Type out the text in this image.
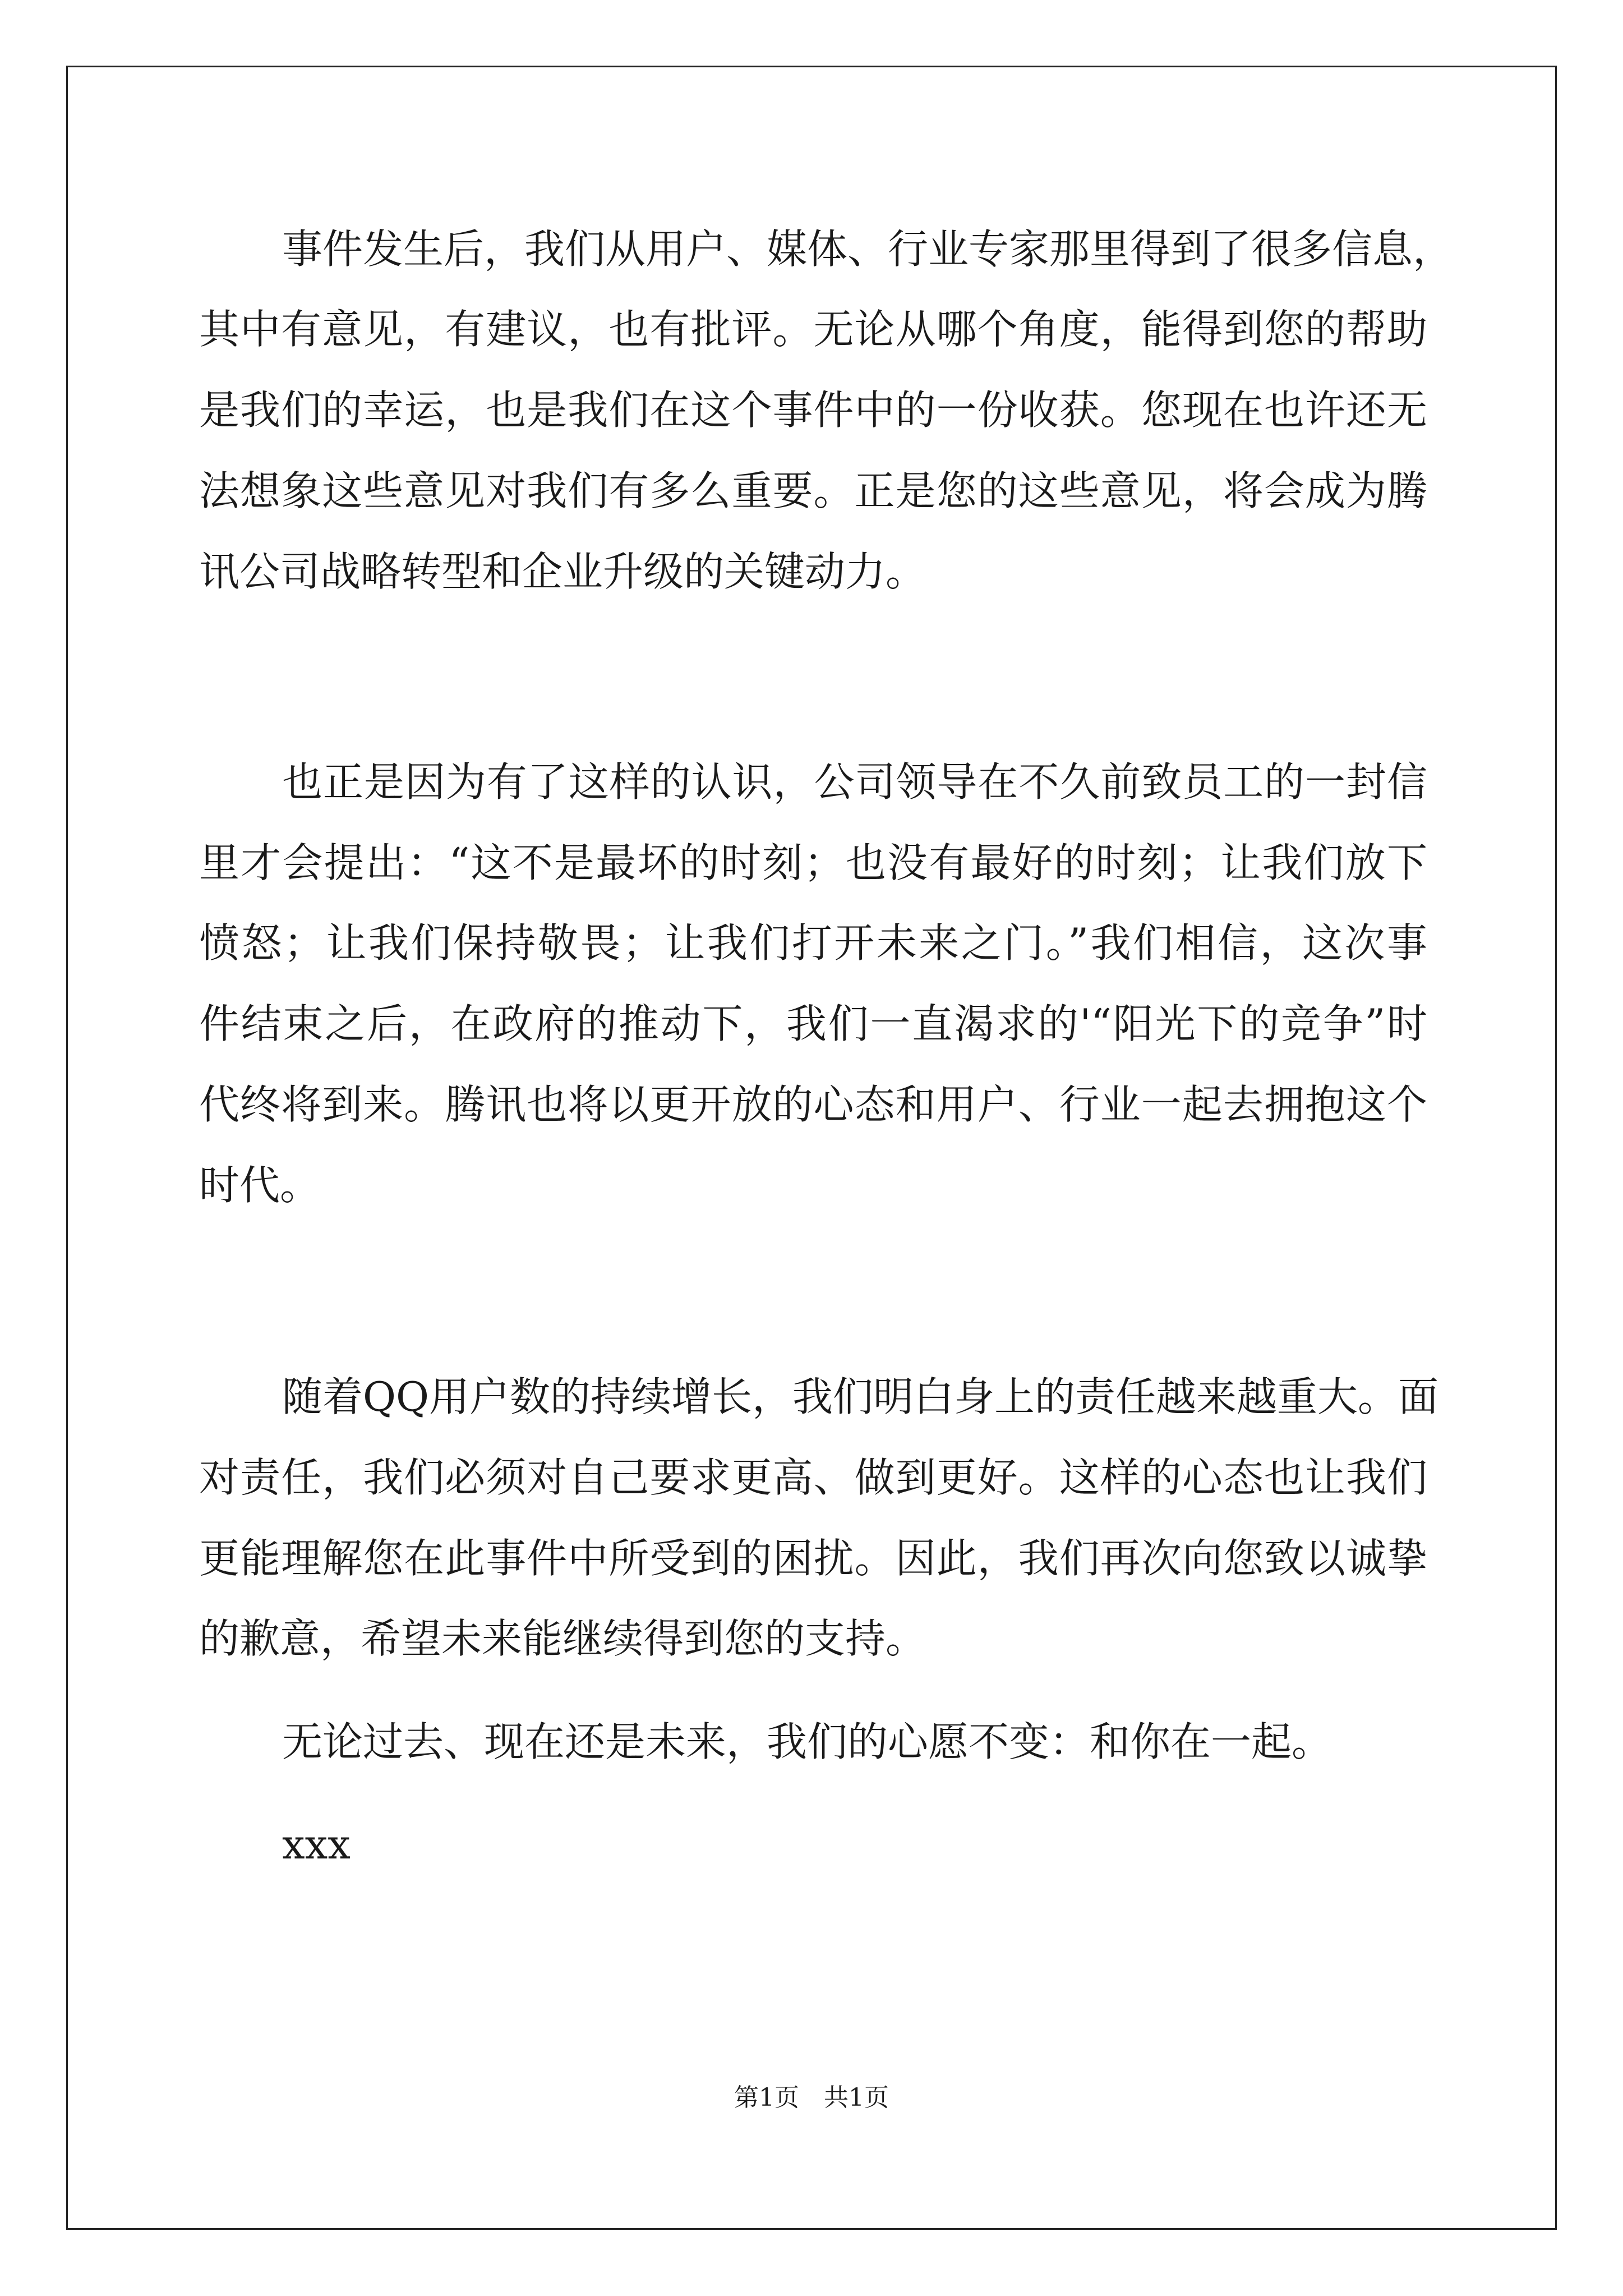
事件发生后，我们从用户、媒体、行业专家那里得到了很多信息，
其中有意见，有建议，也有批评。无论从哪个角度，能得到您的帮助
是我们的幸运，也是我们在这个事件中的一份收获。您现在也许还无
法想象这些意见对我们有多么重要。正是您的这些意见，将会成为腾
讯公司战略转型和企业升级的关键动力。
也正是因为有了这样的认识，公司领导在不久前致员工的一封信
里才会提出：“这不是最坏的时刻；也没有最好的时刻；让我们放下
愤怒；让我们保持敬畏；让我们打开未来之门。”我们相信，这次事
件结束之后，在政府的推动下，我们一直渴求的'“阳光下的竞争”时
代终将到来。腾讯也将以更开放的心态和用户、行业一起去拥抱这个
时代。
随着QQ用户数的持续增长，我们明白身上的责任越来越重大。面
对责任，我们必须对自己要求更高、做到更好。这样的心态也让我们
更能理解您在此事件中所受到的困扰。因此，我们再次向您致以诚挚
的歉意，希望未来能继续得到您的支持。
无论过去、现在还是未来，我们的心愿不变：和你在一起。
xxx
第1页　共1页
